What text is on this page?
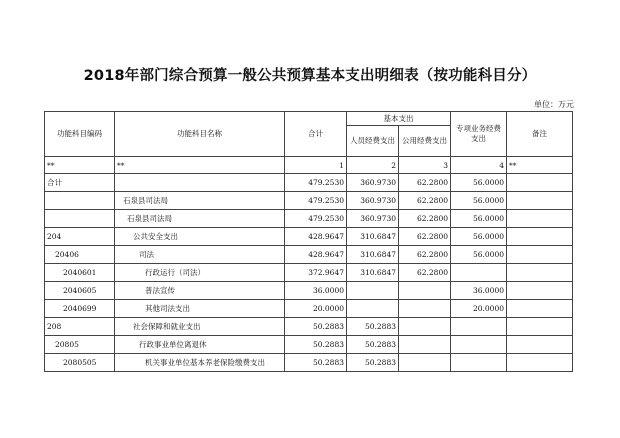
2018年部门综合预算一般公共预算基本支出明细表（按功能科目分）
单位：万元
功能科目编码	功能科目名称	合计	基本支出		专项业务经费支出	备注
			人员经费支出	公用经费支出		
**	**	1	2	3	4	**
合计		479.2530	360.9730	62.2800	56.0000	
	石泉县司法局	479.2530	360.9730	62.2800	56.0000	
	石泉县司法局	479.2530	360.9730	62.2800	56.0000	
204	公共安全支出	428.9647	310.6847	62.2800	56.0000	
20406	司法	428.9647	310.6847	62.2800	56.0000	
2040601	行政运行（司法）	372.9647	310.6847	62.2800		
2040605	普法宣传	36.0000			36.0000	
2040699	其他司法支出	20.0000			20.0000	
208	社会保障和就业支出	50.2883	50.2883			
20805	行政事业单位离退休	50.2883	50.2883			
2080505	机关事业单位基本养老保险缴费支出	50.2883	50.2883			
